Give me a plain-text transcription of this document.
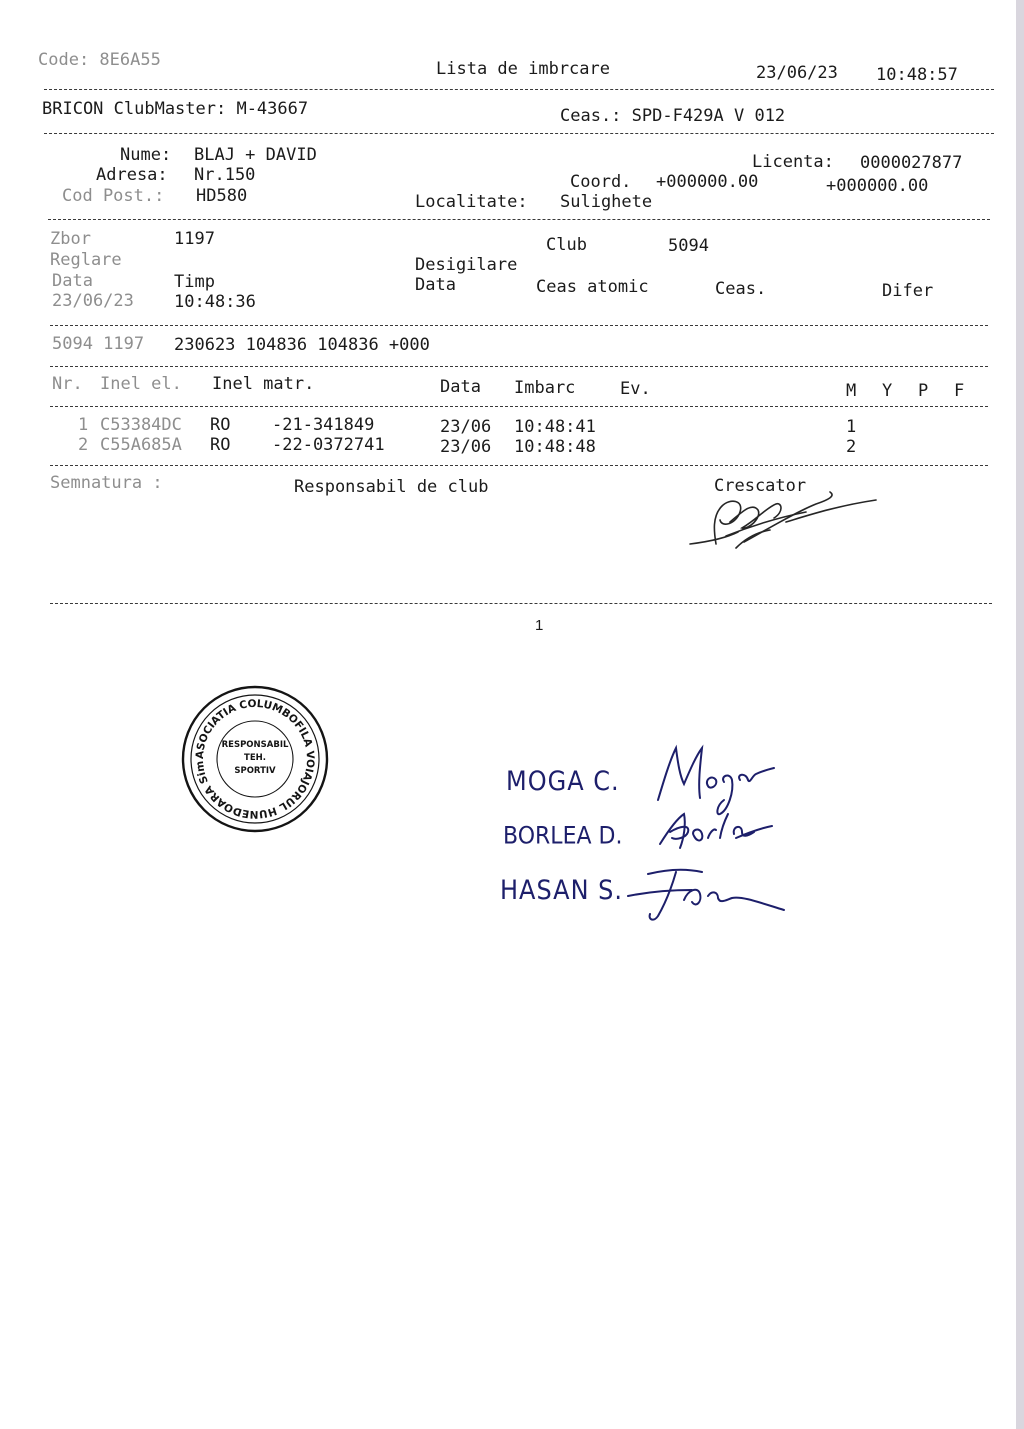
Code: 8E6A55	Lista de imbrcare	23/06/23 10:48:57
BRICON ClubMaster: M-43667	Ceas.: SPD-F429A V 012
Nume: BLAJ + DAVID
Adresa: Nr.150
Cod Post.: HD580
Licenta: 0000027877
Coord. +000000.00	+000000.00
Localitate: Sulighete
Zbor	1197	Club	5094
Reglare	Desigilare
Data	Timp	Data	Ceas atomic	Ceas.	Difer
23/06/23 10:48:36
5094 1197 230623 104836 104836 +000
Nr. Inel el. Inel matr.	Data Imbarc	Ev.	M Y P F
1 C53384DC RO -21-341849	23/06 10:48:41	1
2 C55A685A RO -22-0372741	23/06 10:48:48	2
Semnatura :	Responsabil de club	Crescator
1
ASOCIATIA COLUMBOFILA VOIAJORUL HUNEDOARA Simeria Jud. Hunedoara
RESPONSABIL
TEH.
SPORTIV	MOGA C.
BORLEA D.
HASAN S.
